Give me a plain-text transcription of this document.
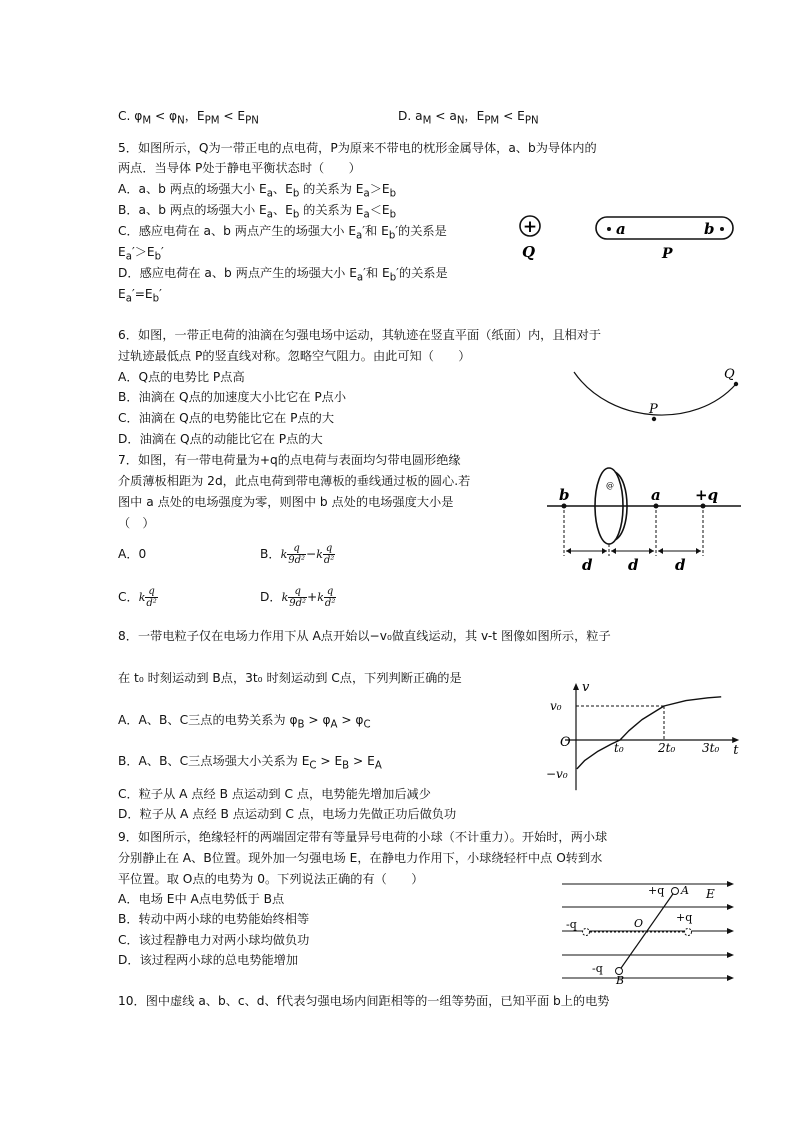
C. $\varphi_M < \varphi_N$，$E_{PM} < E_{PN}$	D. $a_M < a_N$，$E_{PM} < E_{PN}$
5．如图所示，Q为一带正电的点电荷，P为原来不带电的枕形金属导体，a、b为导体内的
两点．当导体 P处于静电平衡状态时（　　）
A．a、b 两点的场强大小 $E_a$、$E_b$ 的关系为 $E_a>E_b$
B．a、b 两点的场强大小 $E_a$、$E_b$ 的关系为 $E_a<E_b$
C．感应电荷在 a、b 两点产生的场强大小 $E_a'$和 $E_b'$的关系是
$E_a'>E_b'$
D．感应电荷在 a、b 两点产生的场强大小 $E_a'$和 $E_b'$的关系是
$E_a'=E_b'$
+
Q
a	b
P
6．如图，一带正电荷的油滴在匀强电场中运动，其轨迹在竖直平面（纸面）内，且相对于
过轨迹最低点 P的竖直线对称。忽略空气阻力。由此可知（　　）
A．Q点的电势比 P点高
B．油滴在 Q点的加速度大小比它在 P点小
C．油滴在 Q点的电势能比它在 P点的大
D．油滴在 Q点的动能比它在 P点的大
P
Q
7．如图，有一带电荷量为+q的点电荷与表面均匀带电圆形绝缘
介质薄板相距为 2d，此点电荷到带电薄板的垂线通过板的圆心.若
图中 a 点处的电场强度为零，则图中 b 点处的电场强度大小是
（　）
A．0	B．k $\frac{q}{\text{9d²}} -k \frac{q}{\text{d²}}$
C．k $\frac{q}{\text{d²}}$	D．k $\frac{q}{\text{9d²}} +k \frac{q}{\text{d²}}$
@
b	a +q
d d d
8．一带电粒子仅在电场力作用下从 A点开始以−v₀做直线运动，其 v-t 图像如图所示，粒子
在 t₀ 时刻运动到 B点，3t₀ 时刻运动到 C点，下列判断正确的是
A．A、B、C三点的电势关系为 $\varphi_B > \varphi_A > \varphi_C$
B．A、B、C三点场强大小关系为 $E_C > E_B > E_A$
C．粒子从 A 点经 B 点运动到 C 点，电势能先增加后减少
D．粒子从 A 点经 B 点运动到 C 点，电场力先做正功后做负功
v
t
O	t₀	2t₀ 3t₀
v₀
−v₀
9．如图所示，绝缘轻杆的两端固定带有等量异号电荷的小球（不计重力）。开始时，两小球
分别静止在 A、B位置。现外加一匀强电场 E，在静电力作用下，小球绕轻杆中点 O转到水
平位置。取 O点的电势为 0。下列说法正确的有（　　）
A．电场 E中 A点电势低于 B点
B．转动中两小球的电势能始终相等
C．该过程静电力对两小球均做负功
D．该过程两小球的总电势能增加
+q A E
-q	O	+q
-q
B
10．图中虚线 a、b、c、d、f代表匀强电场内间距相等的一组等势面，已知平面 b上的电势
